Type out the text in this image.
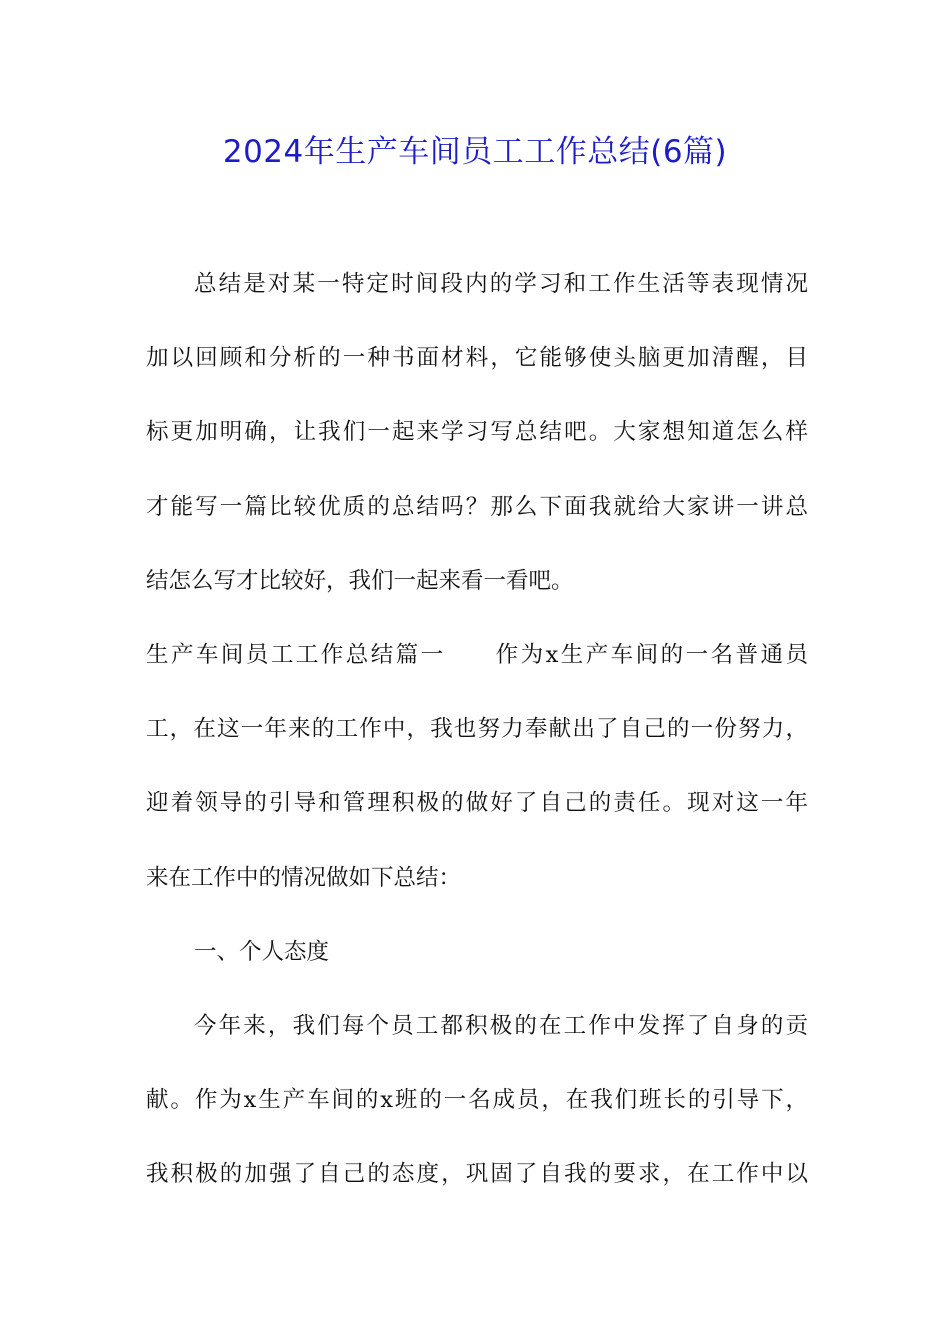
2024年生产车间员工工作总结(6篇)
总结是对某一特定时间段内的学习和工作生活等表现情况
加以回顾和分析的一种书面材料，它能够使头脑更加清醒，目
标更加明确，让我们一起来学习写总结吧。大家想知道怎么样
才能写一篇比较优质的总结吗？那么下面我就给大家讲一讲总
结怎么写才比较好，我们一起来看一看吧。
生产车间员工工作总结篇一　　作为x生产车间的一名普通员
工，在这一年来的工作中，我也努力奉献出了自己的一份努力，
迎着领导的引导和管理积极的做好了自己的责任。现对这一年
来在工作中的情况做如下总结：
一、个人态度
今年来，我们每个员工都积极的在工作中发挥了自身的贡
献。作为x生产车间的x班的一名成员，在我们班长的引导下，
我积极的加强了自己的态度，巩固了自我的要求，在工作中以
